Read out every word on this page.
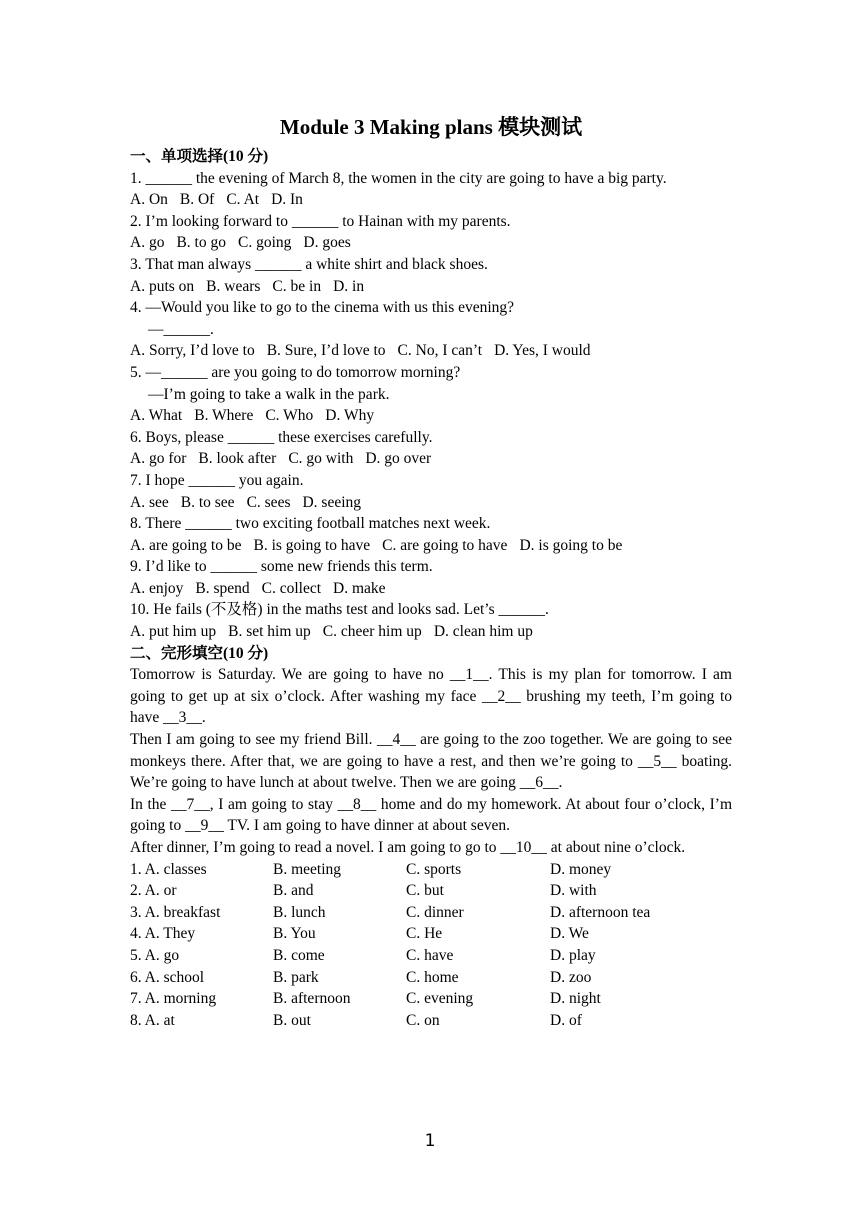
Module 3 Making plans 模块测试
一、单项选择(10 分)
1. ______ the evening of March 8, the women in the city are going to have a big party.
A. On B. Of C. At D. In
2. I’m looking forward to ______ to Hainan with my parents.
A. go B. to go C. going D. goes
3. That man always ______ a white shirt and black shoes.
A. puts on B. wears C. be in D. in
4. —Would you like to go to the cinema with us this evening?
—______.
A. Sorry, I’d love to B. Sure, I’d love to C. No, I can’t D. Yes, I would
5. —______ are you going to do tomorrow morning?
—I’m going to take a walk in the park.
A. What B. Where C. Who D. Why
6. Boys, please ______ these exercises carefully.
A. go for B. look after C. go with D. go over
7. I hope ______ you again.
A. see B. to see C. sees D. seeing
8. There ______ two exciting football matches next week.
A. are going to be B. is going to have C. are going to have D. is going to be
9. I’d like to ______ some new friends this term.
A. enjoy B. spend C. collect D. make
10. He fails (不及格) in the maths test and looks sad. Let’s ______.
A. put him up B. set him up C. cheer him up D. clean him up
二、完形填空(10 分)
Tomorrow is Saturday. We are going to have no __1__. This is my plan for tomorrow. I am going to get up at six o’clock. After washing my face __2__ brushing my teeth, I’m going to have __3__.
Then I am going to see my friend Bill. __4__ are going to the zoo together. We are going to see monkeys there. After that, we are going to have a rest, and then we’re going to __5__ boating. We’re going to have lunch at about twelve. Then we are going __6__.
In the __7__, I am going to stay __8__ home and do my homework. At about four o’clock, I’m going to __9__ TV. I am going to have dinner at about seven.
After dinner, I’m going to read a novel. I am going to go to __10__ at about nine o’clock.
1. A. classes	B. meeting	C. sports	D. money
2. A. or	B. and	C. but	D. with
3. A. breakfast	B. lunch	C. dinner	D. afternoon tea
4. A. They	B. You	C. He	D. We
5. A. go	B. come	C. have	D. play
6. A. school	B. park	C. home	D. zoo
7. A. morning	B. afternoon	C. evening	D. night
8. A. at	B. out	C. on	D. of
1
